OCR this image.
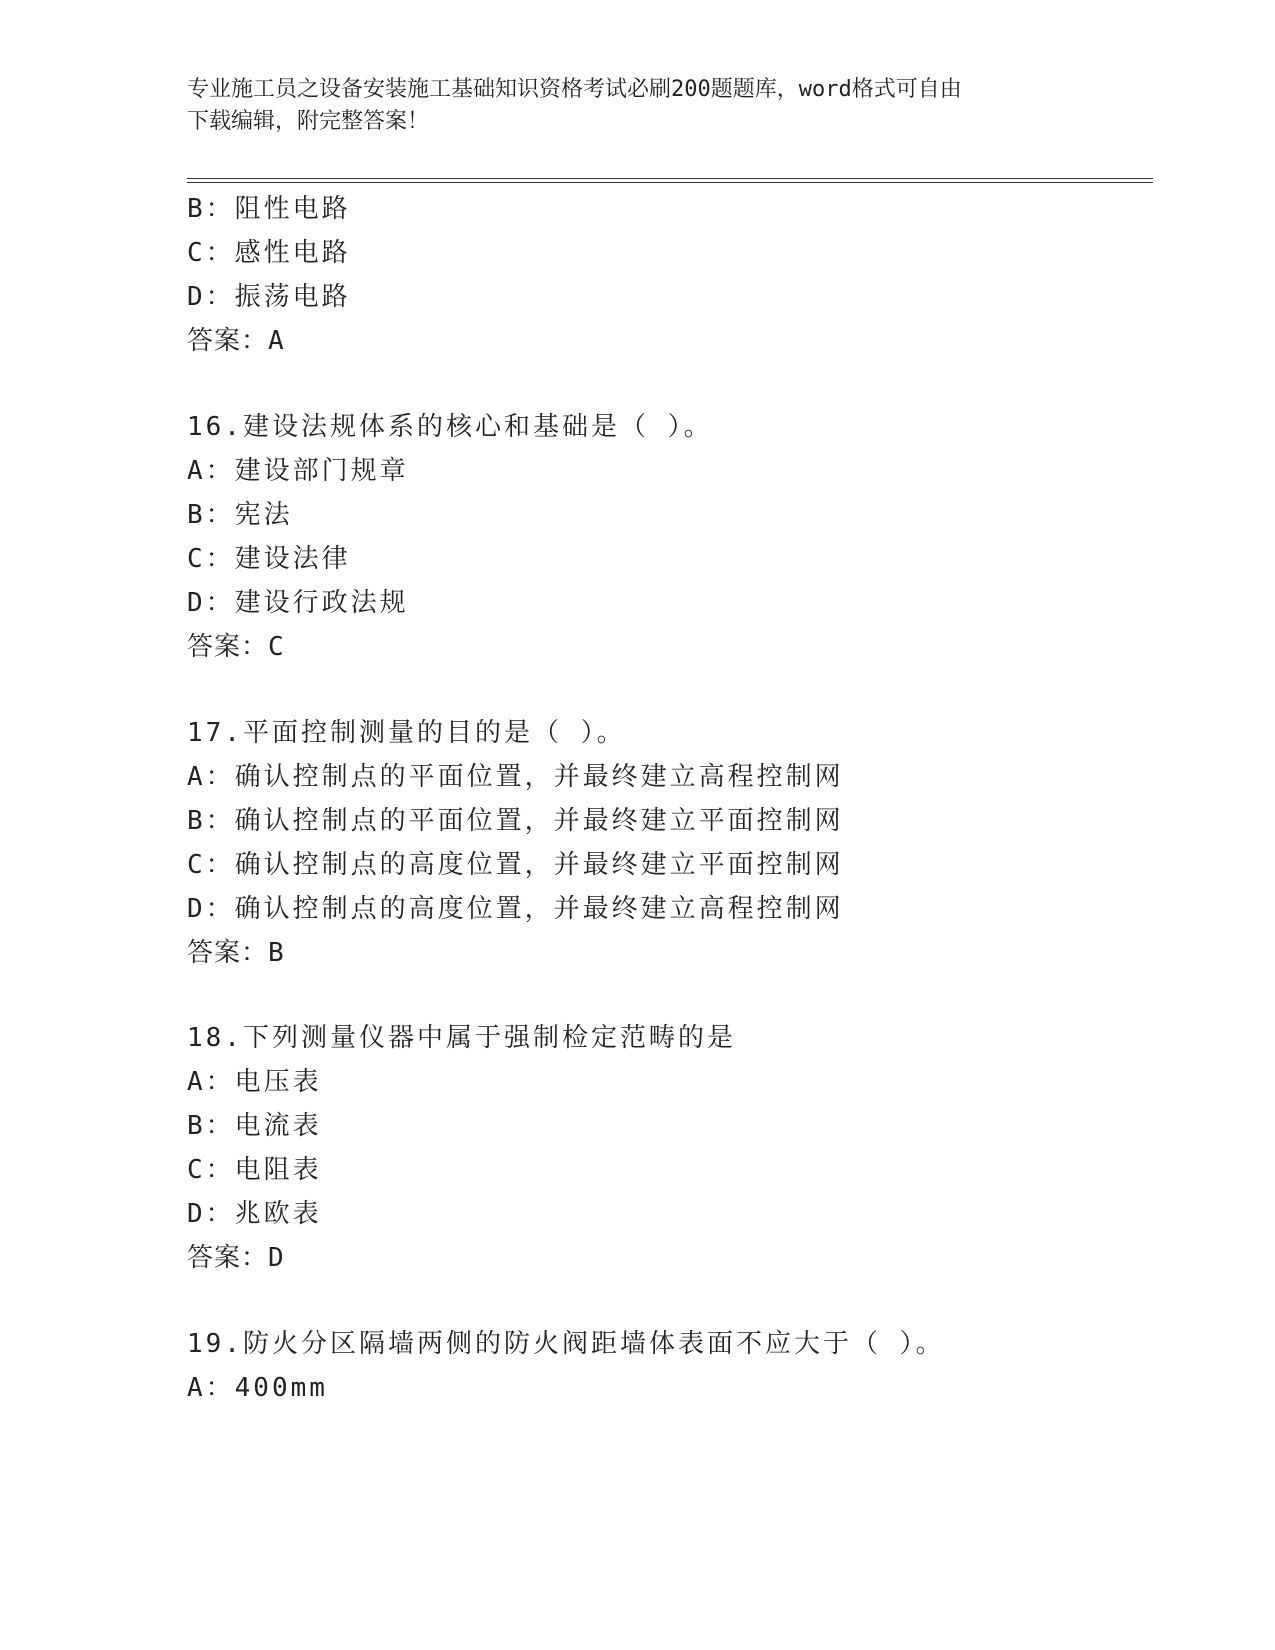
专业施工员之设备安装施工基础知识资格考试必刷200题题库，word格式可自由
下载编辑，附完整答案！
B：阻性电路
C：感性电路
D：振荡电路
答案：A
16.建设法规体系的核心和基础是（ ）。
A：建设部门规章
B：宪法
C：建设法律
D：建设行政法规
答案：C
17.平面控制测量的目的是（ ）。
A：确认控制点的平面位置，并最终建立高程控制网
B：确认控制点的平面位置，并最终建立平面控制网
C：确认控制点的高度位置，并最终建立平面控制网
D：确认控制点的高度位置，并最终建立高程控制网
答案：B
18.下列测量仪器中属于强制检定范畴的是
A：电压表
B：电流表
C：电阻表
D：兆欧表
答案：D
19.防火分区隔墙两侧的防火阀距墙体表面不应大于（ ）。
A：400mm
